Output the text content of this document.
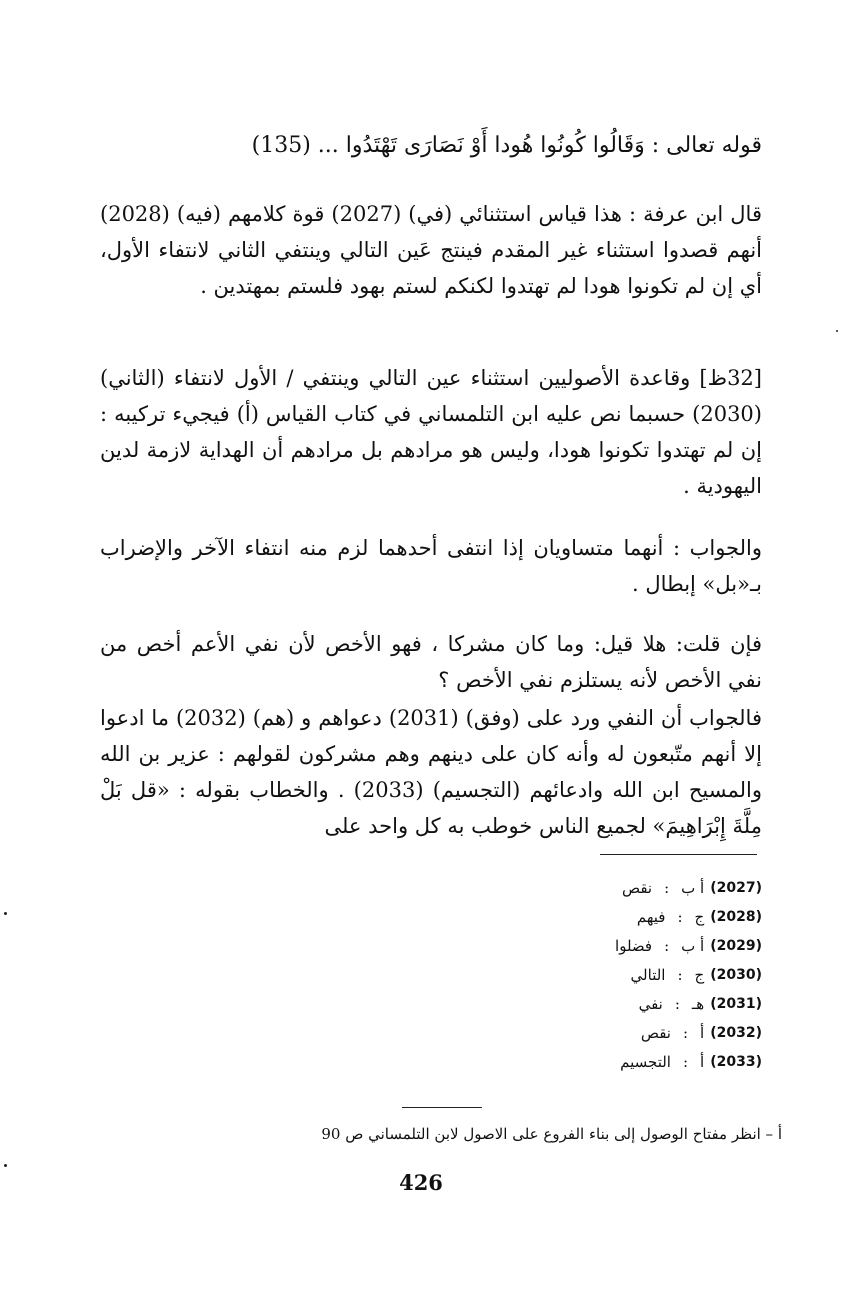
قوله تعالى : وَقَالُوا كُونُوا هُودا أَوْ نَصَارَى تَهْتَدُوا ... (135)
قال ابن عرفة : هذا قياس استثنائي (في) (2027) قوة كلامهم (فيه) (2028) أنهم قصدوا استثناء غير المقدم فينتج عَين التالي وينتفي الثاني لانتفاء الأول، أي إن لم تكونوا هودا لم تهتدوا لكنكم لستم بهود فلستم بمهتدين .
[32ظ] وقاعدة الأصوليين استثناء عين التالي وينتفي / الأول لانتفاء (الثاني) (2030) حسبما نص عليه ابن التلمساني في كتاب القياس (أ) فيجيء تركيبه : إن لم تهتدوا تكونوا هودا، وليس هو مرادهم بل مرادهم أن الهداية لازمة لدين اليهودية .
والجواب : أنهما متساويان إذا انتفى أحدهما لزم منه انتفاء الآخر والإضراب بـ«بل» إبطال .
فإن قلت: هلا قيل: وما كان مشركا ، فهو الأخص لأن نفي الأعم أخص من نفي الأخص لأنه يستلزم نفي الأخص ؟
فالجواب أن النفي ورد على (وفق) (2031) دعواهم و (هم) (2032) ما ادعوا إلا أنهم متّبعون له وأنه كان على دينهم وهم مشركون لقولهم : عزير بن الله والمسيح ابن الله وادعائهم (التجسيم) (2033) . والخطاب بقوله : «قل بَلْ مِلَّةَ إِبْرَاهِيمَ» لجميع الناس خوطب به كل واحد على
(2027)
أ ب
:
نقص
(2028)
ج
:
فيهم
(2029)
أ ب
:
فضلوا
(2030)
ج
:
التالي
(2031)
هـ
:
نفي
(2032)
أ
:
نقص
(2033)
أ
:
التجسيم
أ – انظر مفتاح الوصول إلى بناء الفروع على الاصول لابن التلمساني ص 90
426
